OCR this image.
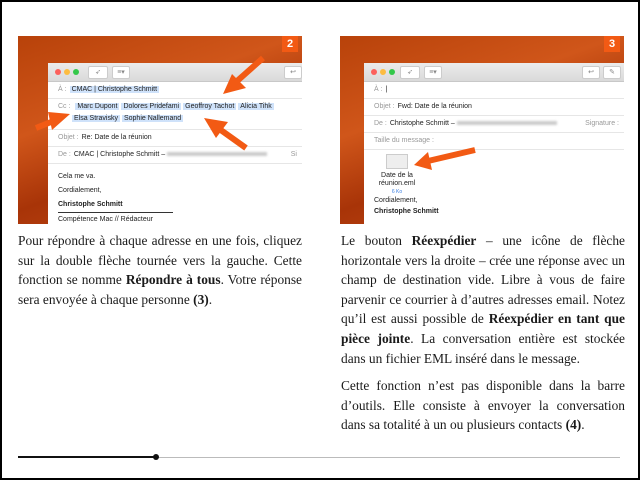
2
➶	≡▾	↩
À : CMAC | Christophe Schmitt
Cc : Marc Dupont Dolores Pridefami Geoffroy Tachot Alicia Tihk
Elsa Stravisky Sophie Nallemand
Objet : Re: Date de la réunion
De : CMAC | Christophe Schmitt –	Si
Cela me va.
Cordialement,
Christophe Schmitt
Compétence Mac // Rédacteur
3
➶	≡▾	↩	✎
À : |
Objet : Fwd: Date de la réunion
De : Christophe Schmitt –	Signature :
Taille du message :
Date de la réunion.eml
6 Ko
Cordialement,
Christophe Schmitt

Pour répondre à chaque adresse en une fois, cliquez sur la double flèche tournée vers la gauche. Cette fonction se nomme Répondre à tous. Votre réponse sera envoyée à chaque personne (3).

Le bouton Réexpédier – une icône de flèche horizontale vers la droite – crée une réponse avec un champ de destination vide. Libre à vous de faire parvenir ce courrier à d’autres adresses email. Notez qu’il est aussi possible de Réexpédier en tant que pièce jointe. La conversation entière est stockée dans un fichier EML inséré dans le message.

Cette fonction n’est pas disponible dans la barre d’outils. Elle consiste à envoyer la conversation dans sa totalité à un ou plusieurs contacts (4).
